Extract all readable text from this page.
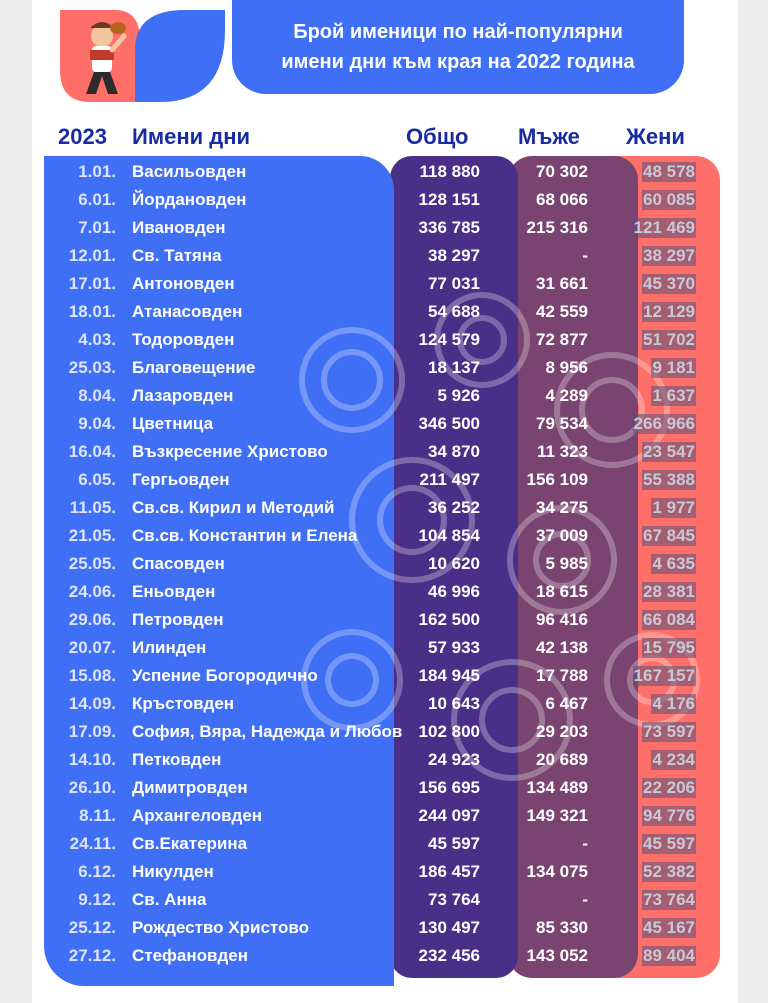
Брой именици по най-популярни
имени дни към края на 2022 година
2023 Имени дни	Общо Мъже Жени
1.01. Васильовден	118 880	70 302	48 578
6.01. Йордановден	128 151	68 066	60 085
7.01. Ивановден	336 785	215 316	121 469
12.01. Св. Татяна	38 297	-	38 297
17.01. Антоновден	77 031	31 661	45 370
18.01. Атанасовден	54 688	42 559	12 129
4.03. Тодоровден	124 579	72 877	51 702
25.03. Благовещение	18 137	8 956	9 181
8.04. Лазаровден	5 926	4 289	1 637
9.04. Цветница	346 500	79 534	266 966
16.04. Възкресение Христово	34 870	11 323	23 547
6.05. Гергьовден	211 497	156 109	55 388
11.05. Св.св. Кирил и Методий	36 252	34 275	1 977
21.05. Св.св. Константин и Елена	104 854	37 009	67 845
25.05. Спасовден	10 620	5 985	4 635
24.06. Еньовден	46 996	18 615	28 381
29.06. Петровден	162 500	96 416	66 084
20.07. Илинден	57 933	42 138	15 795
15.08. Успение Богородично	184 945	17 788	167 157
14.09. Кръстовден	10 643	6 467	4 176
17.09. София, Вяра, Надежда и Любов 102 800	29 203	73 597
14.10. Петковден	24 923	20 689	4 234
26.10. Димитровден	156 695	134 489	22 206
8.11. Архангеловден	244 097	149 321	94 776
24.11. Св.Екатерина	45 597	-	45 597
6.12. Никулден	186 457	134 075	52 382
9.12. Св. Анна	73 764	-	73 764
25.12. Рождество Христово	130 497	85 330	45 167
27.12. Стефановден	232 456	143 052	89 404
